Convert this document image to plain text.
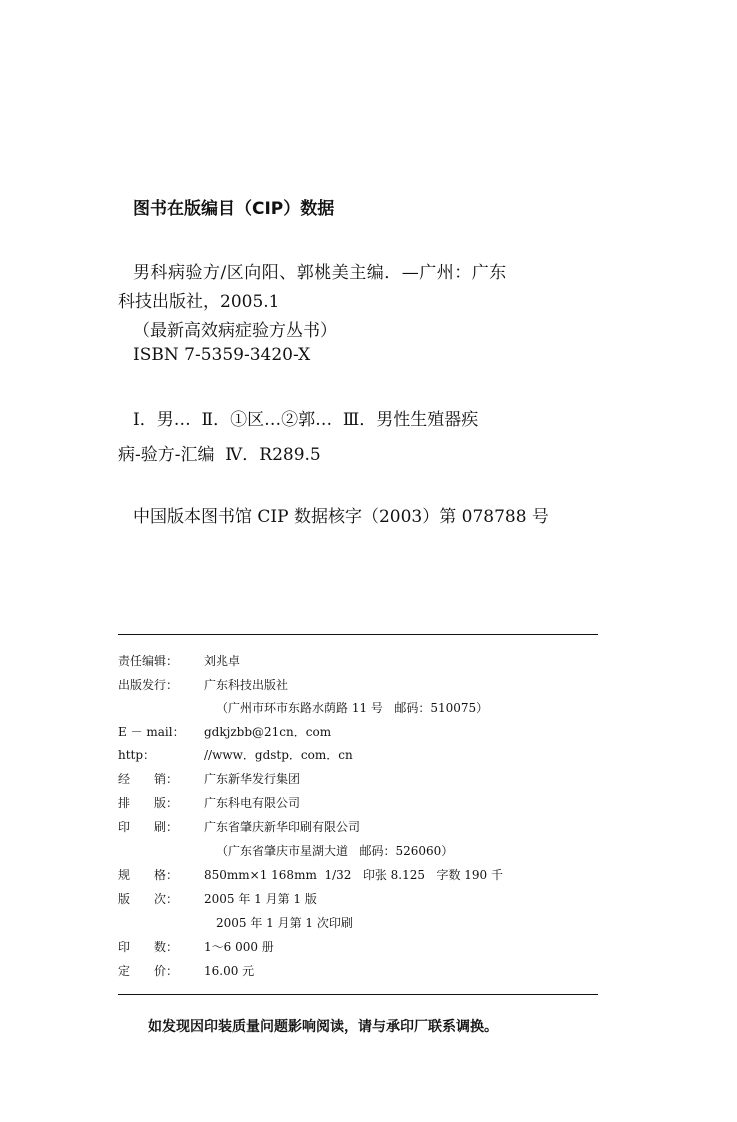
图书在版编目（CIP）数据
男科病验方/区向阳、郭桃美主编．—广州：广东
科技出版社，2005.1
（最新高效病症验方丛书）
ISBN 7-5359-3420-X
Ⅰ．男…  Ⅱ．①区…②郭…  Ⅲ．男性生殖器疾
病-验方-汇编  Ⅳ．R289.5
中国版本图书馆 CIP 数据核字（2003）第 078788 号
责任编辑： 刘兆卓
出版发行： 广东科技出版社
（广州市环市东路水荫路 11 号   邮码：510075）
E － mail： gdkjzbb@21cn．com
http：	//www．gdstp．com．cn
经　　销： 广东新华发行集团
排　　版： 广东科电有限公司
印　　刷： 广东省肇庆新华印刷有限公司
（广东省肇庆市星湖大道   邮码：526060）
规　　格： 850mm×1 168mm  1/32   印张 8.125   字数 190 千
版　　次： 2005 年 1 月第 1 版
2005 年 1 月第 1 次印刷
印　　数： 1～6 000 册
定　　价： 16.00 元
如发现因印装质量问题影响阅读，请与承印厂联系调换。
